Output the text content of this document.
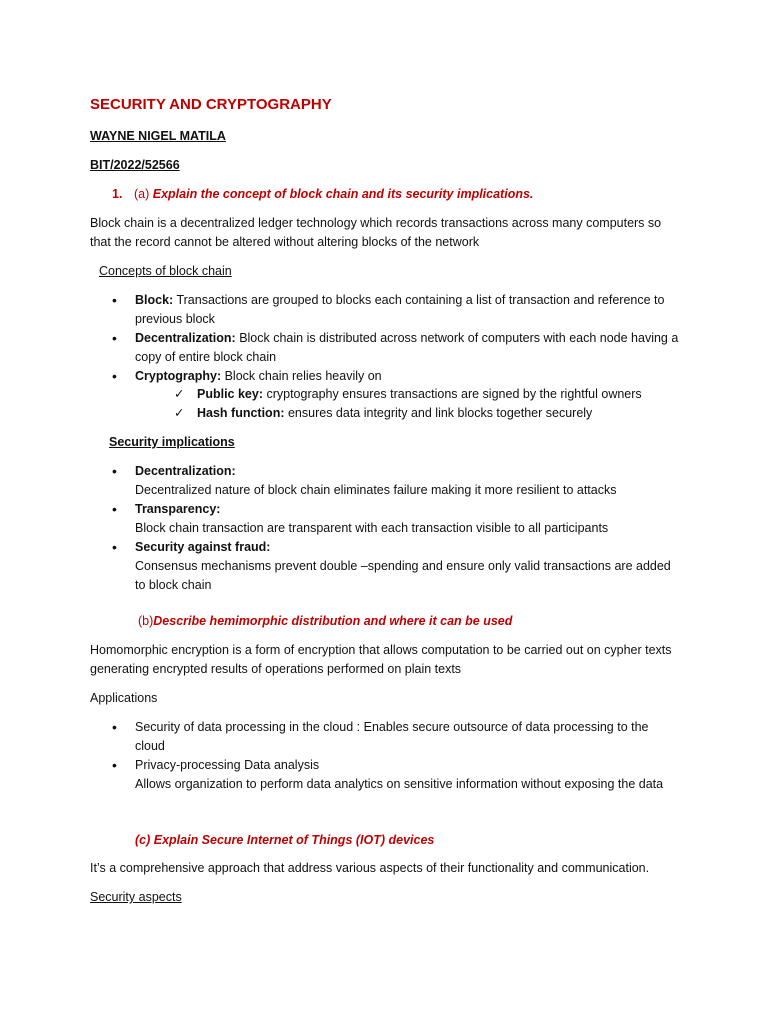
SECURITY AND CRYPTOGRAPHY
WAYNE NIGEL MATILA
BIT/2022/52566
1. (a) Explain the concept of block chain and its security implications.
Block chain is a decentralized ledger technology which records transactions across many computers so that the record cannot be altered without altering blocks of the network
Concepts of block chain
• Block: Transactions are grouped to blocks each containing a list of transaction and reference to previous block
• Decentralization: Block chain is distributed across network of computers with each node having a copy of entire block chain
• Cryptography: Block chain relies heavily on
✓ Public key: cryptography ensures transactions are signed by the rightful owners
✓ Hash function: ensures data integrity and link blocks together securely
Security implications
• Decentralization:
Decentralized nature of block chain eliminates failure making it more resilient to attacks
• Transparency:
Block chain transaction are transparent with each transaction visible to all participants
• Security against fraud:
Consensus mechanisms prevent double –spending and ensure only valid transactions are added to block chain
(b)Describe hemimorphic distribution and where it can be used
Homomorphic encryption is a form of encryption that allows computation to be carried out on cypher texts generating encrypted results of operations performed on plain texts
Applications
• Security of data processing in the cloud : Enables secure outsource of data processing to the cloud
• Privacy-processing Data analysis
Allows organization to perform data analytics on sensitive information without exposing the data
(c) Explain Secure Internet of Things (IOT) devices
It’s a comprehensive approach that address various aspects of their functionality and communication.
Security aspects
